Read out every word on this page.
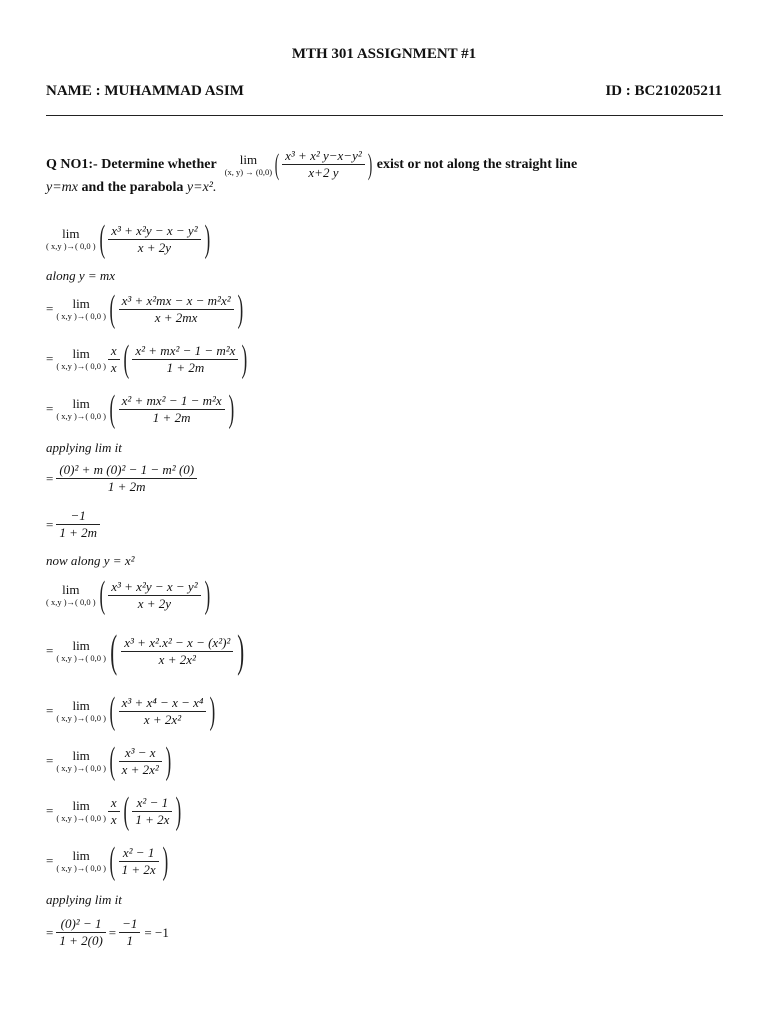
MTH 301 ASSIGNMENT #1
NAME : MUHAMMAD ASIM	ID : BC210205211
Q NO1:- Determine whether	lim
(x, y) → (0,0) ( $\frac{\text{x³ + x² y−x−y²}}{x+2 y}$ ) exist or not along the straight line
y=mx and the parabola y=x².
lim
( x,y )→( 0,0 ) ( $\frac{\text{x³ + x²y − x − y²}}{x + 2y}$ )
along y = mx
=	lim
( x,y )→( 0,0 ) ( $\frac{\text{x³ + x²mx − x − m²x²}}{x + 2mx}$ )
=	lim
( x,y )→( 0,0 ) $\frac{x}{x}$ ( $\frac{\text{x² + mx² − 1 − m²x}}{1 + 2m}$ )
=	lim
( x,y )→( 0,0 ) ( $\frac{\text{x² + mx² − 1 − m²x}}{1 + 2m}$ )
applying lim it
= $\frac{\text{(0)² + m (0)² − 1 − m² (0)}}{1 + 2m}$
= $\frac{-1}{1 + 2m}$
now along y = x²
lim
( x,y )→( 0,0 ) ( $\frac{\text{x³ + x²y − x − y²}}{x + 2y}$ )
=	lim
( x,y )→( 0,0 ) ( $\frac{\text{x³ + x².x² − x − (x²)²}}{\text{x + 2x²}}$ )
=	lim
( x,y )→( 0,0 ) ( $\frac{\text{x³ + x⁴ − x − x⁴}}{\text{x + 2x²}}$ )
=	lim
( x,y )→( 0,0 ) ( $\frac{\text{x³ − x}}{\text{x + 2x²}}$ )
=	lim
( x,y )→( 0,0 ) $\frac{x}{x}$ ( $\frac{\text{x² − 1}}{1 + 2x}$ )
=	lim
( x,y )→( 0,0 ) ( $\frac{\text{x² − 1}}{1 + 2x}$ )
applying lim it
= $\frac{\text{(0)² − 1}}{1 + 2(0)} = \frac{-1}{1} = -1$
